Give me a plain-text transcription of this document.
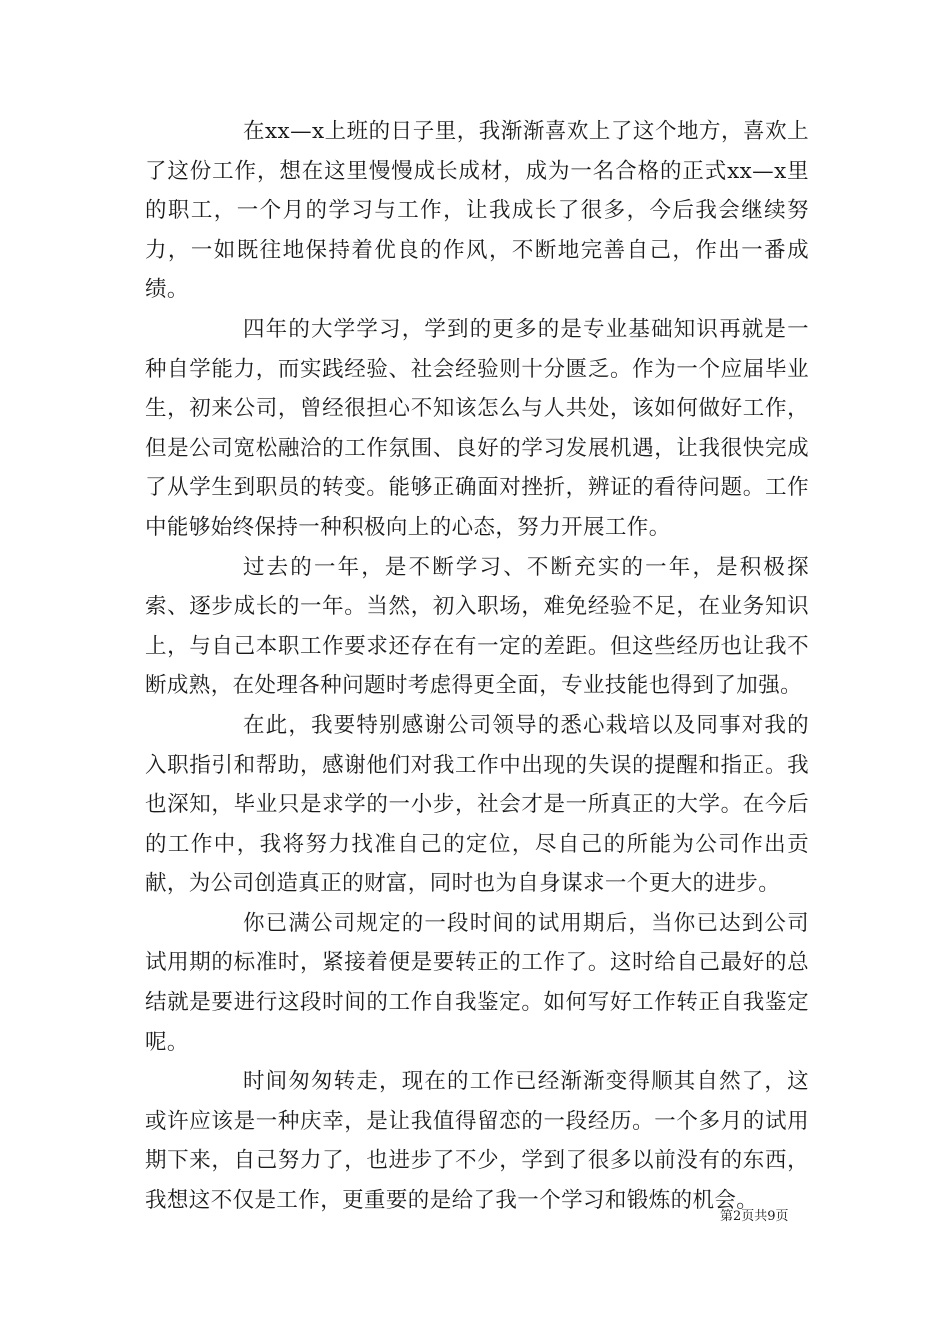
在xx—x上班的日子里，我渐渐喜欢上了这个地方，喜欢上了这份工作，想在这里慢慢成长成材，成为一名合格的正式xx—x里的职工，一个月的学习与工作，让我成长了很多，今后我会继续努力，一如既往地保持着优良的作风，不断地完善自己，作出一番成绩。

四年的大学学习，学到的更多的是专业基础知识再就是一种自学能力，而实践经验、社会经验则十分匮乏。作为一个应届毕业生，初来公司，曾经很担心不知该怎么与人共处，该如何做好工作，但是公司宽松融洽的工作氛围、良好的学习发展机遇，让我很快完成了从学生到职员的转变。能够正确面对挫折，辨证的看待问题。工作中能够始终保持一种积极向上的心态，努力开展工作。

过去的一年，是不断学习、不断充实的一年，是积极探索、逐步成长的一年。当然，初入职场，难免经验不足，在业务知识上，与自己本职工作要求还存在有一定的差距。但这些经历也让我不断成熟，在处理各种问题时考虑得更全面，专业技能也得到了加强。

在此，我要特别感谢公司领导的悉心栽培以及同事对我的入职指引和帮助，感谢他们对我工作中出现的失误的提醒和指正。我也深知，毕业只是求学的一小步，社会才是一所真正的大学。在今后的工作中，我将努力找准自己的定位，尽自己的所能为公司作出贡献，为公司创造真正的财富，同时也为自身谋求一个更大的进步。

你已满公司规定的一段时间的试用期后，当你已达到公司试用期的标准时，紧接着便是要转正的工作了。这时给自己最好的总结就是要进行这段时间的工作自我鉴定。如何写好工作转正自我鉴定呢。

时间匆匆转走，现在的工作已经渐渐变得顺其自然了，这或许应该是一种庆幸，是让我值得留恋的一段经历。一个多月的试用期下来，自己努力了，也进步了不少，学到了很多以前没有的东西，我想这不仅是工作，更重要的是给了我一个学习和锻炼的机会。

第2页共9页
